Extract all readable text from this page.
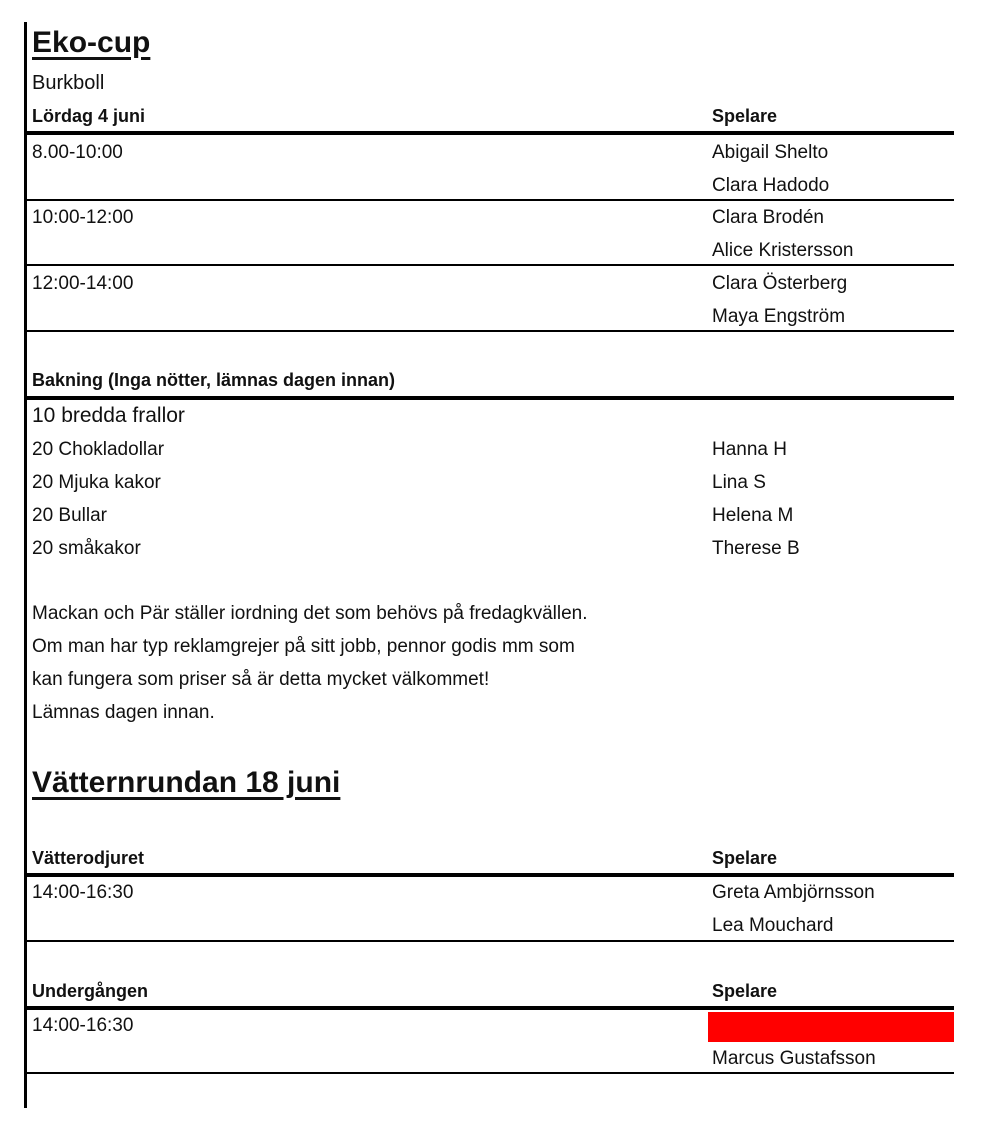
Eko-cup
Burkboll
Lördag 4 juni	Spelare
8.00-10:00	Abigail Shelto
Clara Hadodo
10:00-12:00	Clara Brodén
Alice Kristersson
12:00-14:00	Clara Österberg
Maya Engström
Bakning (Inga nötter, lämnas dagen innan)
10 bredda frallor
20 Chokladollar	Hanna H
20 Mjuka kakor	Lina S
20 Bullar	Helena M
20 småkakor	Therese B
Mackan och Pär ställer iordning det som behövs på fredagkvällen.
Om man har typ reklamgrejer på sitt jobb, pennor godis mm som
kan fungera som priser så är detta mycket välkommet!
Lämnas dagen innan.
Vätternrundan 18 juni
Vätterodjuret	Spelare
14:00-16:30	Greta Ambjörnsson
Lea Mouchard
Undergången	Spelare
14:00-16:30
Marcus Gustafsson
